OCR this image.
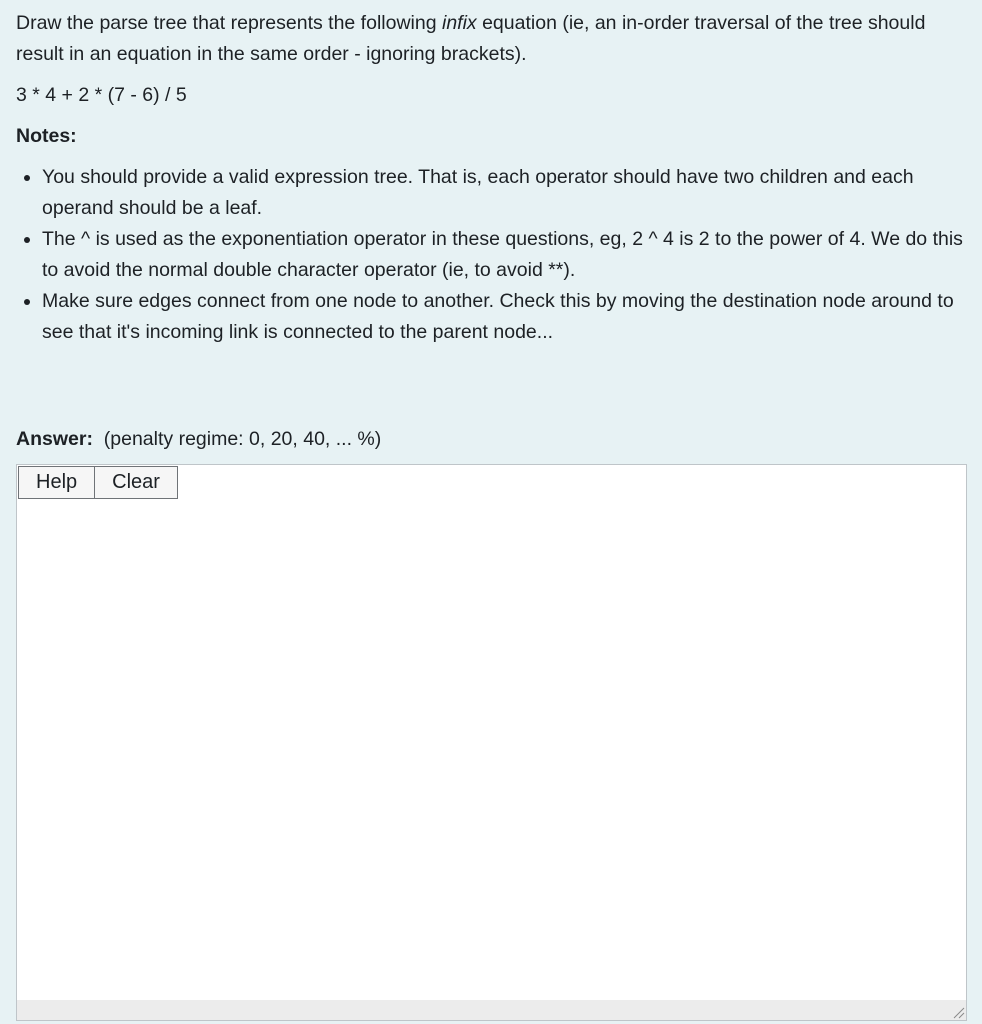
Draw the parse tree that represents the following infix equation (ie, an in-order traversal of the tree should result in an equation in the same order - ignoring brackets).

3 * 4 + 2 * (7 - 6) / 5

Notes:

• You should provide a valid expression tree. That is, each operator should have two children and each operand should be a leaf.
• The ^ is used as the exponentiation operator in these questions, eg, 2 ^ 4 is 2 to the power of 4. We do this to avoid the normal double character operator (ie, to avoid **).
• Make sure edges connect from one node to another. Check this by moving the destination node around to see that it's incoming link is connected to the parent node...
Answer: (penalty regime: 0, 20, 40, ... %)
Help	Clear
